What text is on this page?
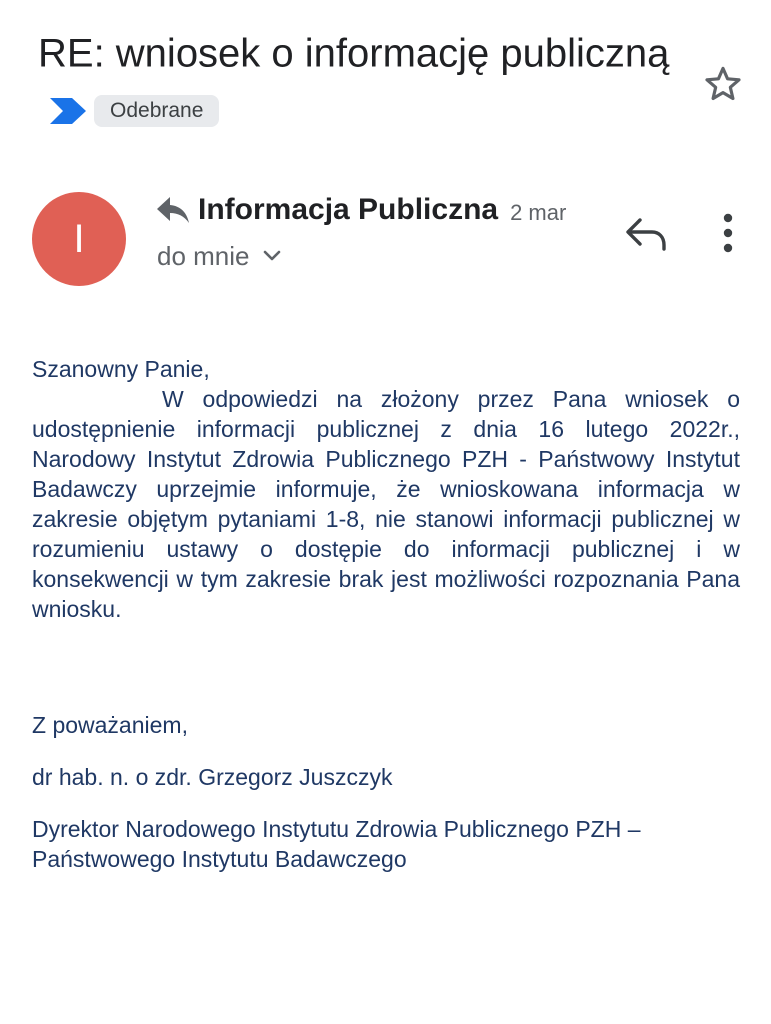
RE: wniosek o informację publicznąOdebrane
I
Informacja Publiczna 2 mar
do mnie

Szanowny Panie,

W odpowiedzi na złożony przez Pana wniosek o udostępnienie informacji publicznej z dnia 16 lutego 2022r., Narodowy Instytut Zdrowia Publicznego PZH - Państwowy Instytut Badawczy uprzejmie informuje, że wnioskowana informacja w zakresie objętym pytaniami 1-8, nie stanowi informacji publicznej w rozumieniu ustawy o dostępie do informacji publicznej i w konsekwencji w tym zakresie brak jest możliwości rozpoznania Pana wniosku.

Z poważaniem,

dr hab. n. o zdr. Grzegorz Juszczyk

Dyrektor Narodowego Instytutu Zdrowia Publicznego PZH – Państwowego Instytutu Badawczego
